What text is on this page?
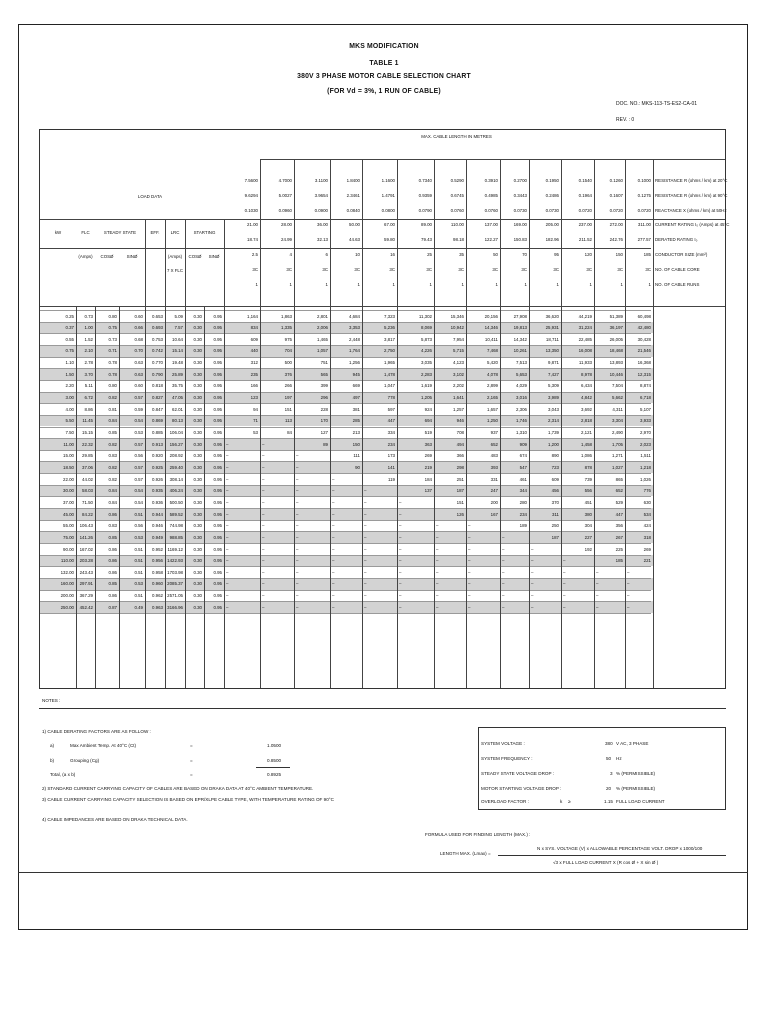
MKS MODIFICATION
TABLE 1
380V 3 PHASE MOTOR CABLE SELECTION CHART
(FOR Vd = 3%, 1 RUN OF CABLE)
DOC. NO.: MKS-113-TS-ES2-CA-01
REV. : 0
MAX. CABLE LENGTH IN METRES
LOAD DATA
kW	FLC	STEADY STATE	EFF.	LRC	STARTING
(Amps)	COSØ	SINØ	(Amps)
7 X FLC
COSØ	SINØ
7.5600	4.7000	3.1100	1.8400	1.1600	0.7340	0.5290	0.3910	0.2700	0.1950	0.1540	0.1260	0.1000 RESISTANCE R (ohms / km) at 20°C
9.6294	5.0027	3.9654	2.3461	1.4791	0.9359	0.6745	0.4985	0.3443	0.2486	0.1964	0.1607	0.1275 RESISTANCE R (ohms / km) at 90°C
0.1030	0.0960	0.0900	0.0840	0.0800	0.0790	0.0760	0.0760	0.0730	0.0730	0.0720	0.0720	0.0720 REACTANCE X (ohms / km) at 50Hz
21.00	28.00	36.00	50.00	67.00	89.00	110.00	137.00	169.00	205.00	237.00	272.00	311.00 CURRENT RATING I₀ (Amps) at 45°C
18.74	24.99	32.13	44.63	59.80	79.43	98.18	122.27	150.83	182.96	211.52	242.76	277.57 DERATED RATING I₀
2.5	4	6	10	16	25	35	50	70	95	120	150	185 CONDUCTOR SIZE (mm²)
3C	3C	3C	3C	3C	3C	3C	3C	3C	3C	3C	3C	3C NO. OF CABLE CORE
1	1	1	1	1	1	1	1	1	1	1	1	1 NO. OF CABLE RUNS
0.25	0.73	0.80	0.60	0.653	5.09	0.30	0.95	1,164	1,863	2,801	4,684	7,323	11,302	15,346	20,156	27,908	36,620	44,219	51,389	60,498
0.37	1.00	0.75	0.66	0.693	7.57	0.30	0.95	834	1,335	2,006	3,353	5,236	8,069	10,942	14,346	19,813	25,931	31,224	36,197	42,480
0.55	1.52	0.73	0.68	0.753	10.64	0.30	0.95	609	975	1,465	2,448	3,817	5,873	7,954	10,411	14,342	18,711	22,485	26,005	30,428
0.75	2.10	0.71	0.70	0.742	15.14	0.30	0.95	440	704	1,057	1,764	2,750	4,226	5,715	7,468	10,261	13,350	16,008	18,468	21,546
1.10	2.78	0.78	0.63	0.770	19.48	0.30	0.95	312	500	751	1,256	1,965	3,035	4,123	5,420	7,513	9,871	11,933	13,893	16,368
1.50	3.70	0.78	0.63	0.790	25.89	0.30	0.95	235	376	565	945	1,478	2,283	3,102	4,078	5,653	7,427	8,978	10,446	12,315
2.20	5.11	0.80	0.60	0.818	35.75	0.30	0.95	166	266	399	669	1,047	1,619	2,202	2,899	4,029	5,309	6,434	7,504	8,874
3.00	6.72	0.82	0.57	0.827	47.05	0.30	0.95	123	197	296	497	778	1,205	1,641	2,165	3,016	3,989	4,842	5,662	6,718
4.00	8.86	0.81	0.59	0.847	62.01	0.30	0.95	94	151	228	381	597	924	1,257	1,657	2,306	3,043	3,692	4,311	5,107
5.50	11.45	0.84	0.54	0.869	80.13	0.30	0.95	71	113	170	285	447	694	946	1,250	1,746	2,314	2,818	3,304	3,933
7.50	15.15	0.85	0.53	0.885	106.04	0.30	0.95	53	84	127	213	334	519	708	937	1,310	1,739	2,121	2,490	2,970
11.00	22.32	0.82	0.57	0.913	156.27	0.30	0.95 –	–	89	150	234	363	494	652	909	1,200	1,458	1,705	2,023
15.00	29.85	0.83	0.56	0.920	208.92	0.30	0.95 –	–	–	111	173	269	366	483	674	890	1,086	1,271	1,511
18.50	37.06	0.82	0.57	0.925	259.40	0.30	0.95 –	–	–	90	141	219	298	393	547	723	878	1,027	1,218
22.00	44.02	0.82	0.57	0.926	308.14	0.30	0.95 –	–	–	–	119	184	251	331	461	609	739	865	1,026
30.00	58.03	0.84	0.54	0.935	406.24	0.30	0.95 –	–	–	–	–	137	187	247	344	456	556	652	776
37.00	71.50	0.84	0.54	0.936	500.50	0.30	0.95 –	–	–	–	–	–	151	200	280	370	451	529	630
45.00	84.22	0.86	0.51	0.944	589.52	0.30	0.95 –	–	–	–	–	–	126	167	234	311	380	447	534
55.00	106.43	0.83	0.56	0.946	744.98	0.30	0.95 –	–	–	–	–	–	–	–	189	250	304	356	424
75.00	141.26	0.85	0.53	0.949	988.85	0.30	0.95 –	–	–	–	–	–	–	–	–	187	227	267	318
90.00	167.02	0.86	0.51	0.952	1169.12	0.30	0.95 –	–	–	–	–	–	–	–	–	–	192	225	269
110.00	203.28	0.86	0.51	0.956 1422.93	0.30	0.95 –	–	–	–	–	–	–	–	–	–	–	185	221
132.00	243.43	0.86	0.51	0.958 1703.98	0.30	0.95 –	–	–	–	–	–	–	–	–	–	–	–	–
160.00	297.91	0.85	0.53	0.960 2085.37	0.30	0.95 –	–	–	–	–	–	–	–	–	–	–	–	–
200.00	367.29	0.86	0.51	0.962 2571.05	0.30	0.95 –	–	–	–	–	–	–	–	–	–	–	–	–
250.00	452.42	0.87	0.49	0.963 3166.96	0.30	0.95 –	–	–	–	–	–	–	–	–	–	–	–	–
NOTES :
1) CABLE DERATING FACTORS ARE AS FOLLOW :
a)	Max Ambient Temp. At 40°C (Ct)	=	1.0500
b)	Grouping (Cg)	=	0.8500
Total, (a x b)	=	0.8925
2) STANDARD CURRENT CARRYING CAPACITY OF CABLES ARE BASED ON DRAKA DATA AT 40°C AMBIENT TEMPERATURE.
3) CABLE CURRENT CARRYING CAPACITY SELECTION IS BASED ON EPR/XLPE CABLE TYPE, WITH TEMPERATURE RATING OF 90°C
4) CABLE IMPEDANCES ARE BASED ON DRAKA TECHNICAL DATA.
SYSTEM VOLTAGE :	380 V AC, 3 PHASE
SYSTEM FREQUENCY :	50 Hz
STEADY STATE VOLTAGE DROP :	3 % (PERMISSIBLE)
MOTOR STARTING VOLTAGE DROP :	20 % (PERMISSIBLE)
OVERLOAD FACTOR :	k ≥	1.15 FULL LOAD CURRENT
FORMULA USED FOR FINDING LENGTH (MAX.) :
LENGTH MAX. (Lmax) =
N x SYS. VOLTAGE (V) x ALLOWABLE PERCENTAGE VOLT. DROP x 1000/100
√3 x FULL LOAD CURRENT X (R cos Ø + X sin Ø )
